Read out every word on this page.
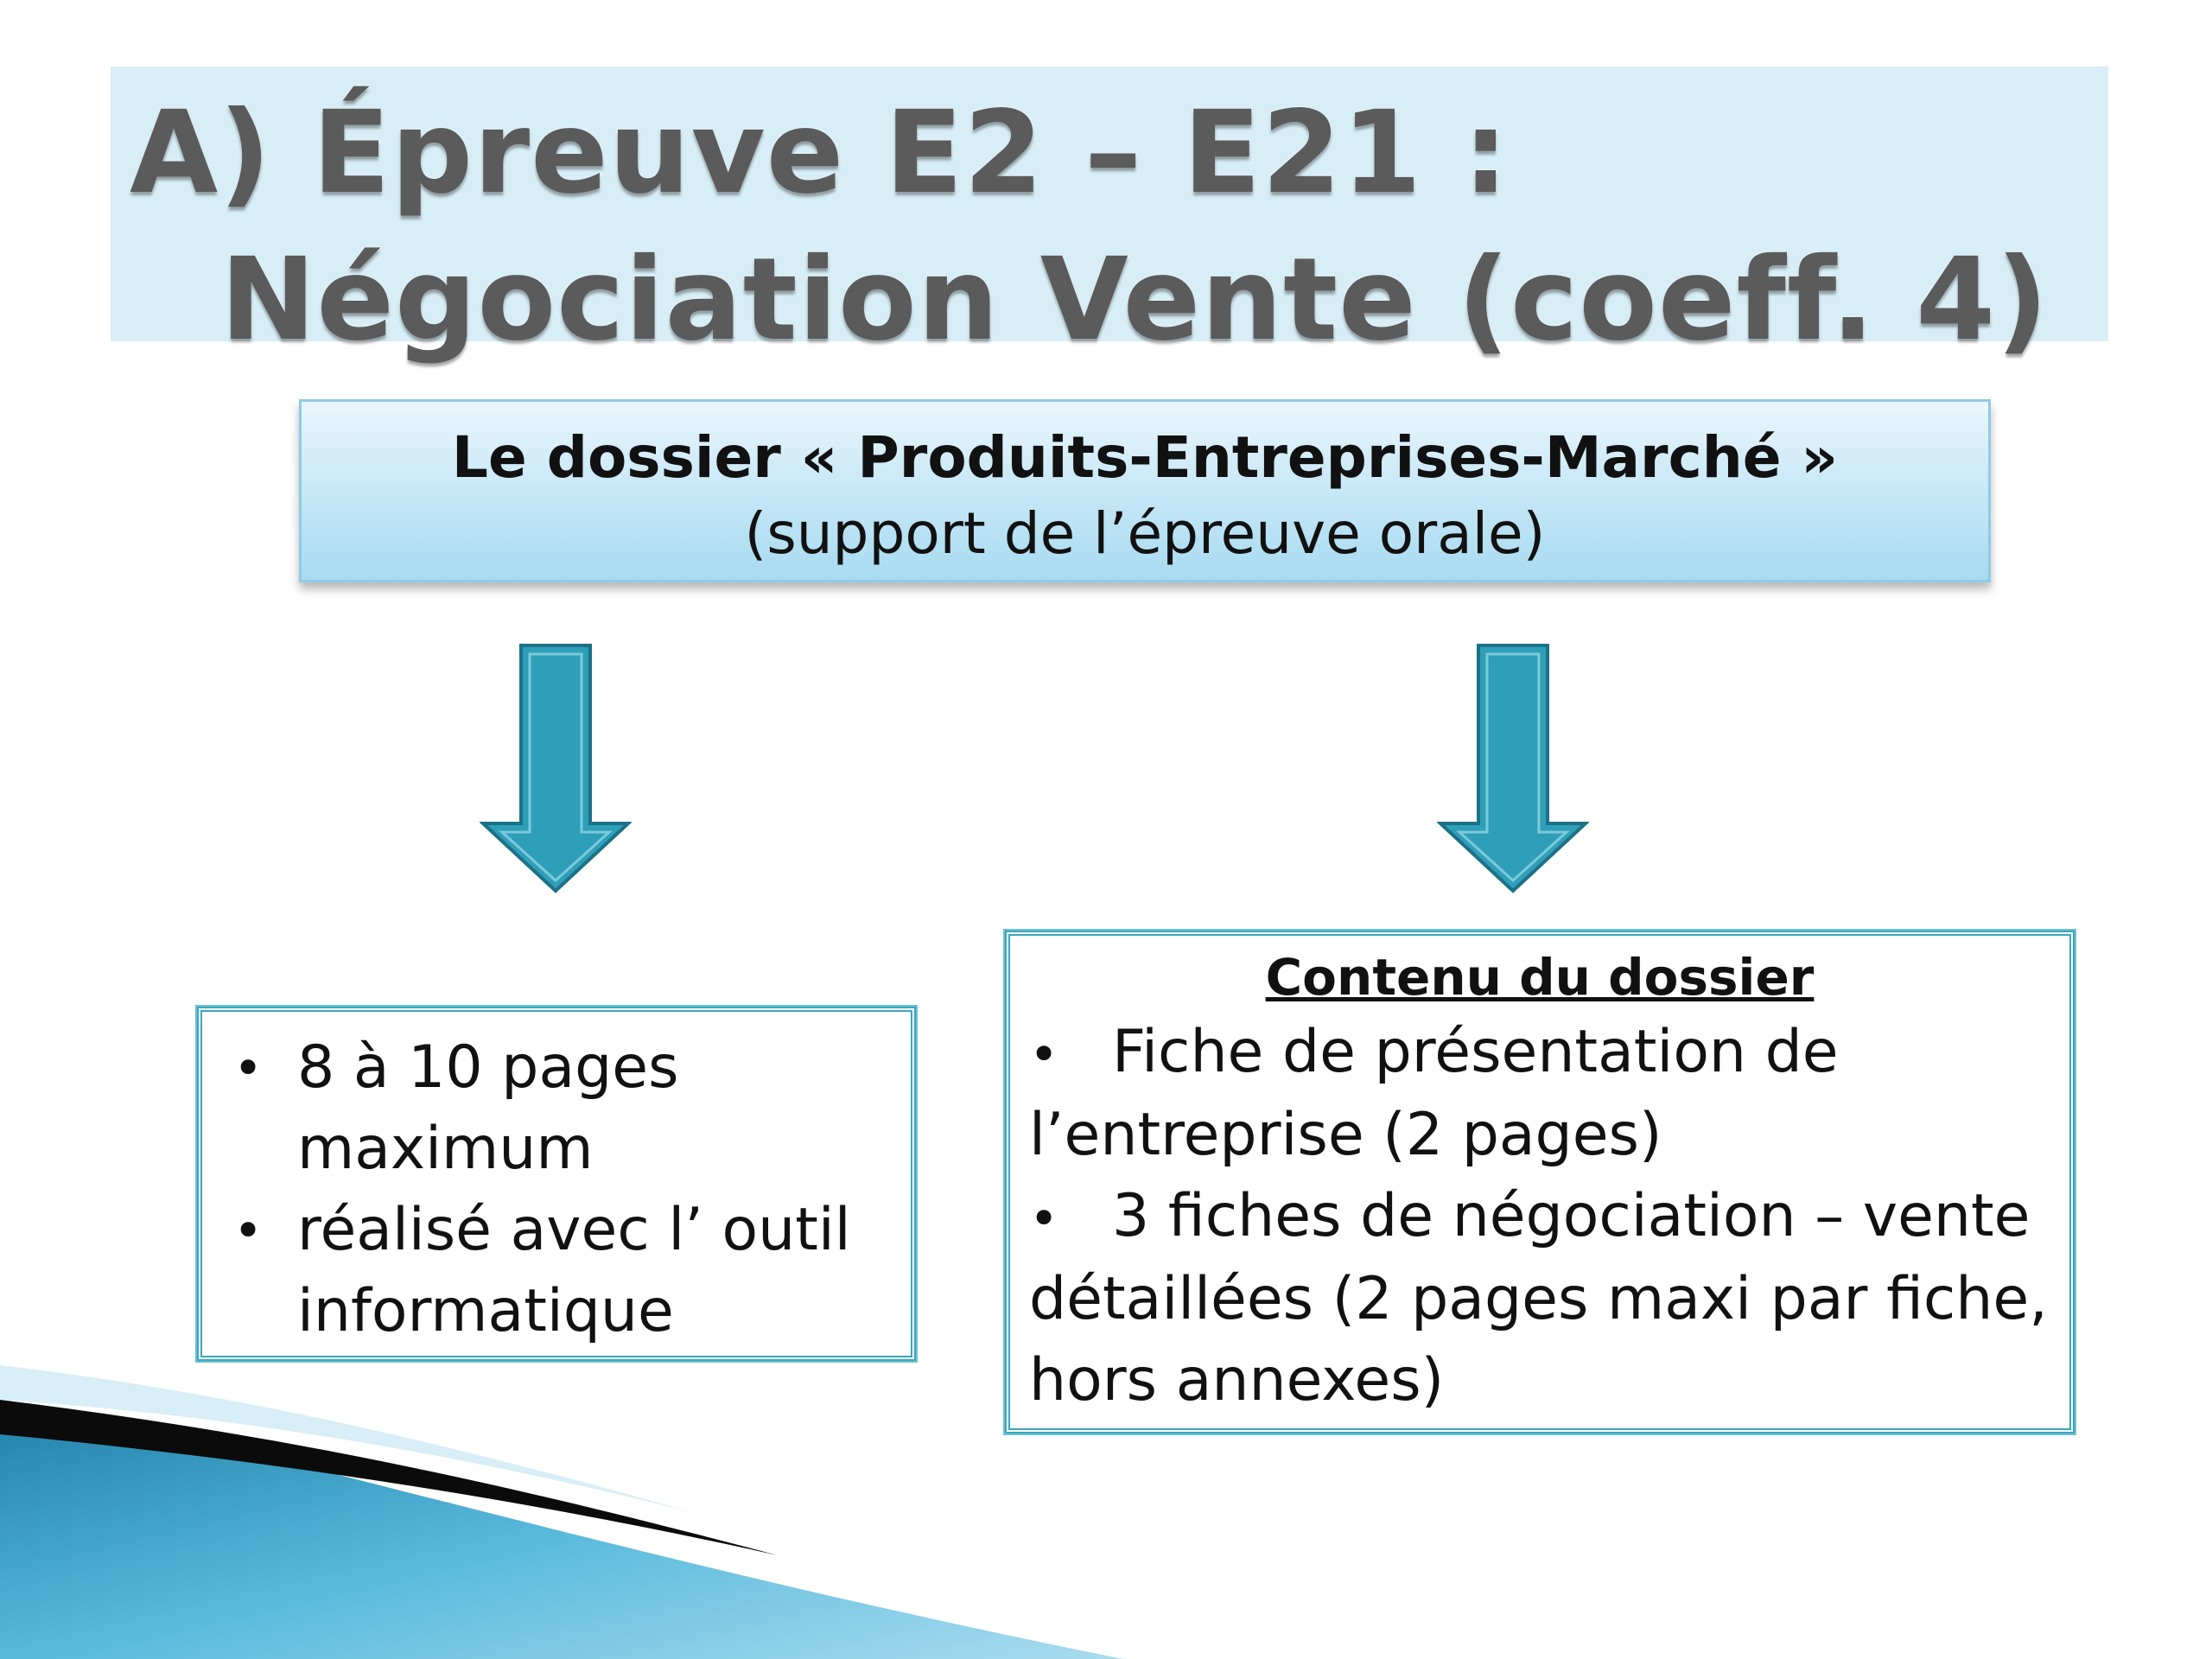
A) Épreuve E2 – E21 :
Négociation Vente (coeff. 4)
Le dossier « Produits-Entreprises-Marché »
(support de l’épreuve orale)
• 8 à 10 pages maximum
• réalisé avec l’ outil informatique
Contenu du dossier

• Fiche de présentation de l’entreprise (2 pages)

• 3 fiches de négociation – vente détaillées (2 pages maxi par fiche, hors annexes)
